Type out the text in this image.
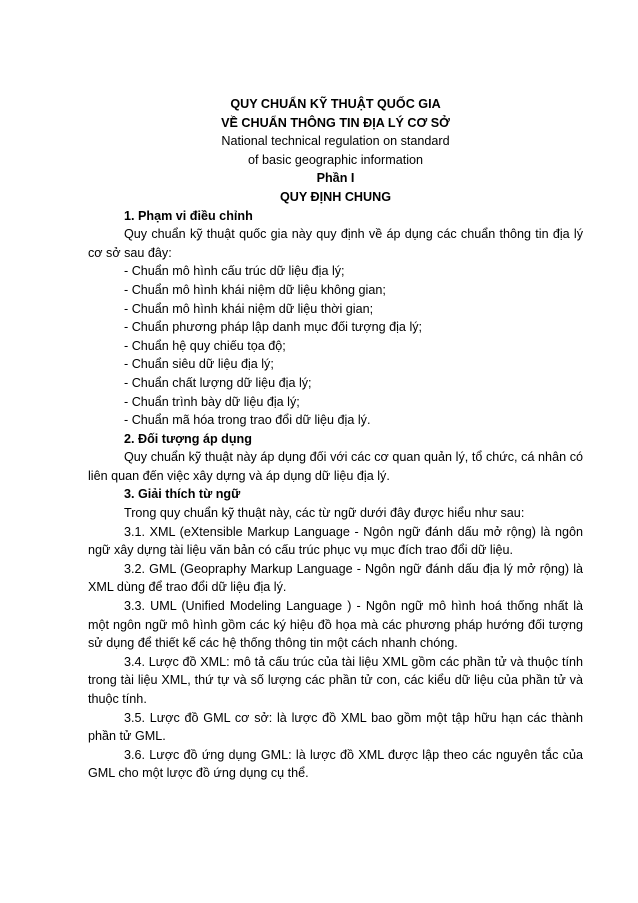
QUY CHUẨN KỸ THUẬT QUỐC GIA

VỀ CHUẨN THÔNG TIN ĐỊA LÝ CƠ SỞ

National technical regulation on standard

of basic geographic information

Phần I

QUY ĐỊNH CHUNG

1. Phạm vi điều chỉnh

Quy chuẩn kỹ thuật quốc gia này quy định về áp dụng các chuẩn thông tin địa lý cơ sở sau đây:

- Chuẩn mô hình cấu trúc dữ liệu địa lý;

- Chuẩn mô hình khái niệm dữ liệu không gian;

- Chuẩn mô hình khái niệm dữ liệu thời gian;

- Chuẩn phương pháp lập danh mục đối tượng địa lý;

- Chuẩn hệ quy chiếu tọa độ;

- Chuẩn siêu dữ liệu địa lý;

- Chuẩn chất lượng dữ liệu địa lý;

- Chuẩn trình bày dữ liệu địa lý;

- Chuẩn mã hóa trong trao đổi dữ liệu địa lý.

2. Đối tượng áp dụng

Quy chuẩn kỹ thuật này áp dụng đối với các cơ quan quản lý, tổ chức, cá nhân có liên quan đến việc xây dựng và áp dụng dữ liệu địa lý.

3. Giải thích từ ngữ

Trong quy chuẩn kỹ thuật này, các từ ngữ dưới đây được hiểu như sau:

3.1. XML (eXtensible Markup Language - Ngôn ngữ đánh dấu mở rộng) là ngôn ngữ xây dựng tài liệu văn bản có cấu trúc phục vụ mục đích trao đổi dữ liệu.

3.2. GML (Geopraphy Markup Language - Ngôn ngữ đánh dấu địa lý mở rộng) là XML dùng để trao đổi dữ liệu địa lý.

3.3. UML (Unified Modeling Language ) - Ngôn ngữ mô hình hoá thống nhất là một ngôn ngữ mô hình gồm các ký hiệu đồ họa mà các phương pháp hướng đối tượng sử dụng để thiết kế các hệ thống thông tin một cách nhanh chóng.

3.4. Lược đồ XML: mô tả cấu trúc của tài liệu XML gồm các phần tử và thuộc tính trong tài liệu XML, thứ tự và số lượng các phần tử con, các kiểu dữ liệu của phần tử và thuộc tính.

3.5. Lược đồ GML cơ sở: là lược đồ XML bao gồm một tập hữu hạn các thành phần tử GML.

3.6. Lược đồ ứng dụng GML: là lược đồ XML được lập theo các nguyên tắc của GML cho một lược đồ ứng dụng cụ thể.
